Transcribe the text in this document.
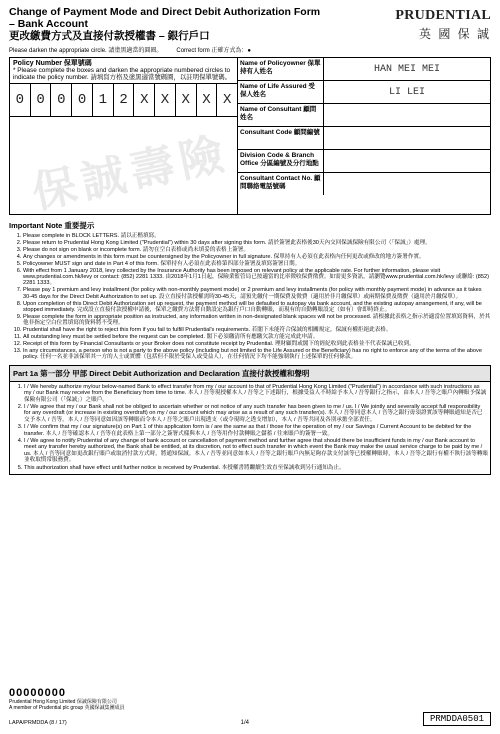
Change of Payment Mode and Direct Debit Authorization Form
– Bank Account
更改繳費方式及直接付款授權書 – 銀行戶口
PRUDENTIAL
英 國 保 誠
Please darken the appropriate circle. 請塗黑適當的圓圈。 Correct form 正確方式為：●
Policy Number 保單號碼
* Please complete the boxes and darken the appropriate numbered circles to indicate the policy number. 請填寫方格及塗黑適當號碼圈，以註明保單號碼。
0 0 0 0 1 2 X X X X X
保誠壽險
Name of Policyowner 保單持有人姓名	HAN MEI MEI
Name of Life Assured 受保人姓名	LI LEI
Name of Consultant 顧問姓名
Consultant Code 顧問編號
Division Code & Branch Office 分區編號及分行地點
Consultant Contact No. 顧問聯絡電話號碼
Important Note 重要提示
1. Please complete in BLOCK LETTERS. 請以正楷填寫。
2. Please return to Prudential Hong Kong Limited ("Prudential") within 30 days after signing this form. 請於簽署此表格後30天內交回保誠保險有限公司（「保誠」）處理。
3. Please do not sign on blank or incomplete form. 請勿在空白表格或尚未填妥的表格上簽署。
4. Any changes or amendments in this form must be countersigned by the Policyowner in full signature. 保單持有人必須在此表格內任何更改或修改的地方簽署作實。
5. Policyowner MUST sign and date in Part 4 of this form. 保單持有人必須在此表格第四部分簽署及填寫簽署日期。
6. With effect from 1 January 2018, levy collected by the Insurance Authority has been imposed on relevant policy at the applicable rate. For further information, please visit www.prudential.com.hk/levy or contact: (852) 2281 1333. 由2018年1月1日起，保險業監管局已按適當的比率徵收保費徵費。如需更多資訊，請瀏覽www.prudential.com.hk/levy 或聯絡: (852) 2281 1333。
7. Please pay 1 premium and levy installment (for policy with non-monthly payment mode) or 2 premium and levy installments (for policy with monthly payment mode) in advance as it takes 30-45 days for the Direct Debit Authorization to set up. 設立直接付款授權需時30-45天，請預先繳付一期保費及徵費（適用於非月繳保單）或兩期保費及徵費（適用於月繳保單）。
8. Upon completion of this Direct Debit Authorization set up request, the payment method will be defaulted to autopay via bank account, and the existing autopay arrangement, if any, will be stopped immediately. 完成設立直接付款授權申請後，保單之繳費方法將自動設定為銀行戶口自動轉賬，而現有的自動轉賬設定（如有）會即時終止。
9. Please complete the form in appropriate position as instructed, any information written in non-designated blank spaces will not be processed. 請根據此表格之指示於適當位置填寫資料，於其他非指定空白位置填寫的資料將不受理。
10. Prudential shall have the right to reject this form if you fail to fulfill Prudential's requirements. 若閣下未能符合保誠的相關規定，保誠有權拒絕此表格。
11. All outstanding levy must be settled before the request can be completed. 閣下必須繳清所有應繳欠款方能完成此申請。
12. Receipt of this form by Financial Consultants or your Broker does not constitute receipt by Prudential. 理財顧問或閣下的經紀收到此表格並不代表保誠已收到。
13. In any circumstances, a person who is not a party to the above policy (including but not limited to the Life Assured or the Beneficiary) has no right to enforce any of the terms of the above policy. 任何一名並非該保單其一方的人士或實體（包括但不限於受保人或受益人），在任何情況下均不能強制執行上述保單的任何條款。
Part 1a 第一部分 甲部 Direct Debit Authorization and Declaration 直接付款授權和聲明
1. I / We hereby authorize my/our below-named Bank to effect transfer from my / our account to that of Prudential Hong Kong Limited ("Prudential") in accordance with such instructions as my / our Bank may receive from the Beneficiary from time to time. 本人 / 吾等現授權本人 / 吾等之下述銀行，根據受益人不時給予本人 / 吾等銀行之指示，由本人 / 吾等之賬戶內轉賬予保誠保險有限公司（「保誠」）之賬戶。
2. I / We agree that my / our Bank shall not be obliged to ascertain whether or not notice of any such transfer has been given to me / us. I / We jointly and severally accept full responsibility for any overdraft (or increase in existing overdraft) on my / our account which may arise as a result of any such transfer(s). 本人 / 吾等同意本人 / 吾等之銀行毋須證實該等轉賬通知是否已交予本人 / 吾等。本人 / 吾等同意如因該等轉賬而令本人 / 吾等之賬戶出現透支（或令現時之透支增加），本人 / 吾等共同及各別承擔全部責任。
3. I / We confirm that my / our signature(s) on Part 1 of this application form is / are the same as that / those for the operation of my / our Savings / Current Account to be debited for the transfer. 本人 / 吾等確認本人 / 吾等在此表格上第一部分之簽署式樣與本人 / 吾等用作付款轉賬之儲蓄 / 往來賬戶的簽署一致。
4. I / We agree to notify Prudential of any change of bank account or cancellation of payment method and further agree that should there be insufficient funds in my / our Bank account to meet any transfer hereby authorized, the Bank shall be entitled, at its discretion, not to effect such transfer in which event the Bank may make the usual service charge to be paid by me / us. 本人 / 吾等同意如更改銀行賬戶或取消付款方式時，將通知保誠。本人 / 吾等並同意如本人 / 吾等之銀行賬戶內無足夠存款支付該等已授權轉賬時，本人 / 吾等之銀行有權不執行該等轉賬並收取慣常服務費。
5. This authorization shall have effect until further notice is received by Prudential. 本授權書將繼續生效直至保誠收到另行通知為止。
00000000
Prudential Hong Kong Limited 保誠保險有限公司
A member of Prudential plc group 英國保誠集團成員
LAPA/PRMDDA (8 / 17)	1/4	PRMDDA0501
